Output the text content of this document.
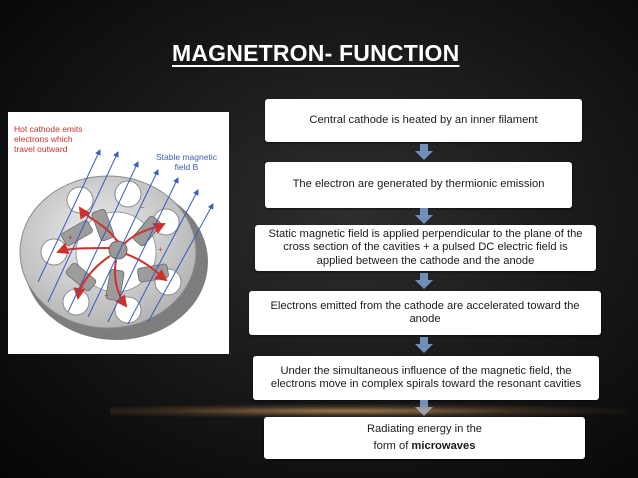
MAGNETRON- FUNCTION
Hot cathode emits
electrons which
travel outward
Stable magnetic
field B
+
+
−
−
Central cathode is heated by an inner filament
The electron are generated by thermionic emission
Static magnetic field is applied perpendicular to the plane of the
cross section of the cavities + a pulsed DC electric field is
applied between the cathode and the anode
Electrons emitted from the cathode are accelerated toward the
anode
Under the simultaneous influence of the magnetic field, the
electrons move in complex spirals toward the resonant cavities
Radiating energy in the
form of microwaves
